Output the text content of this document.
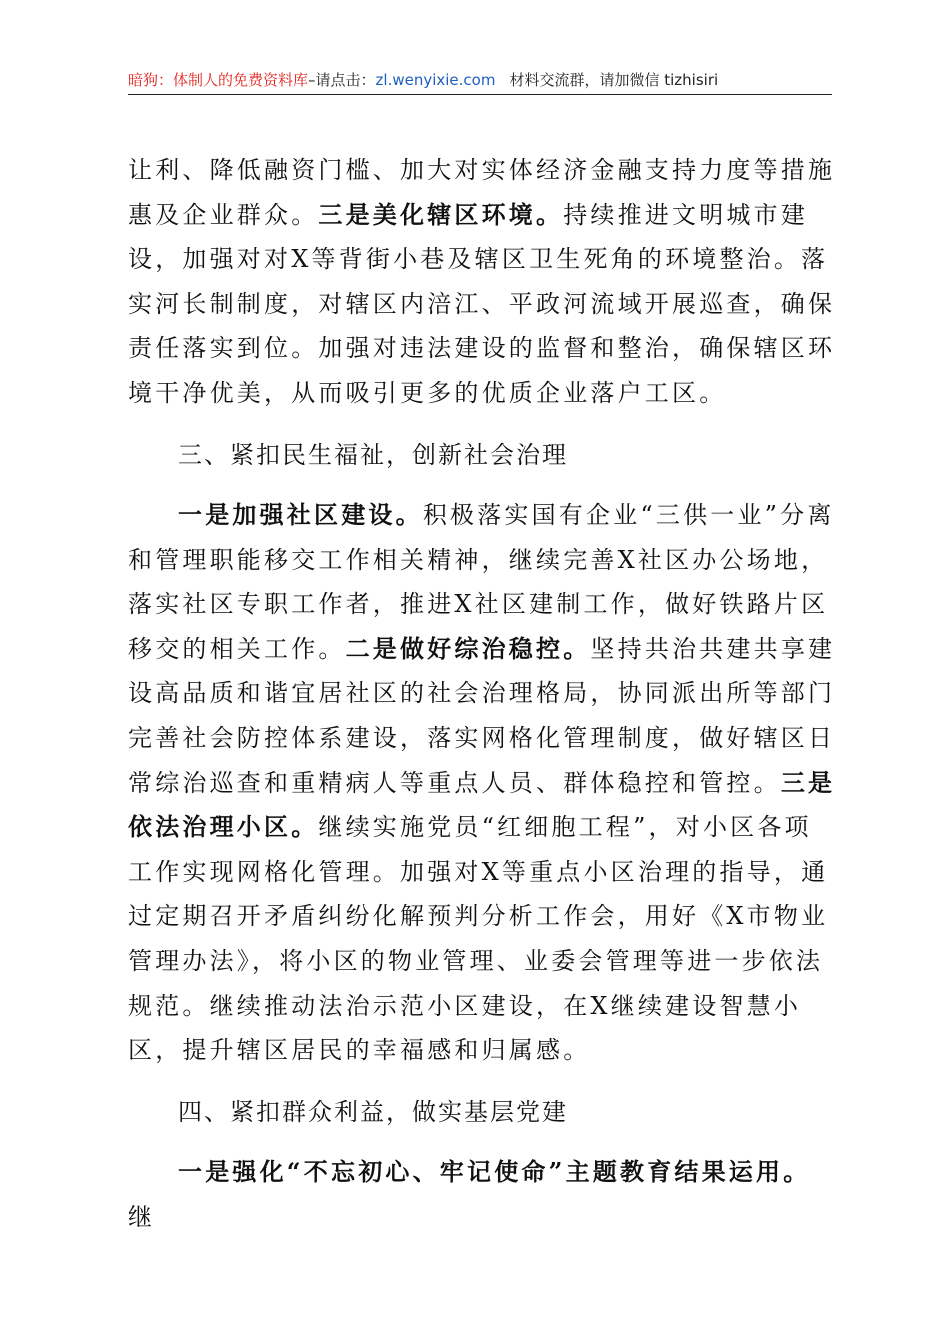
暗狗：体制人的免费资料库–请点击：zl.wenyixie.com 材料交流群，请加微信 tizhisiri

让利、降低融资门槛、加大对实体经济金融支持力度等措施惠及企业群众。三是美化辖区环境。持续推进文明城市建设，加强对对X等背街小巷及辖区卫生死角的环境整治。落实河长制制度，对辖区内涪江、平政河流域开展巡查，确保责任落实到位。加强对违法建设的监督和整治，确保辖区环境干净优美，从而吸引更多的优质企业落户工区。

三、紧扣民生福祉，创新社会治理

一是加强社区建设。积极落实国有企业“三供一业”分离和管理职能移交工作相关精神，继续完善X社区办公场地，落实社区专职工作者，推进X社区建制工作，做好铁路片区移交的相关工作。二是做好综治稳控。坚持共治共建共享建设高品质和谐宜居社区的社会治理格局，协同派出所等部门完善社会防控体系建设，落实网格化管理制度，做好辖区日常综治巡查和重精病人等重点人员、群体稳控和管控。三是依法治理小区。继续实施党员“红细胞工程”，对小区各项工作实现网格化管理。加强对X等重点小区治理的指导，通过定期召开矛盾纠纷化解预判分析工作会，用好《X市物业管理办法》，将小区的物业管理、业委会管理等进一步依法规范。继续推动法治示范小区建设，在X继续建设智慧小区，提升辖区居民的幸福感和归属感。

四、紧扣群众利益，做实基层党建

一是强化“不忘初心、牢记使命”主题教育结果运用。继
